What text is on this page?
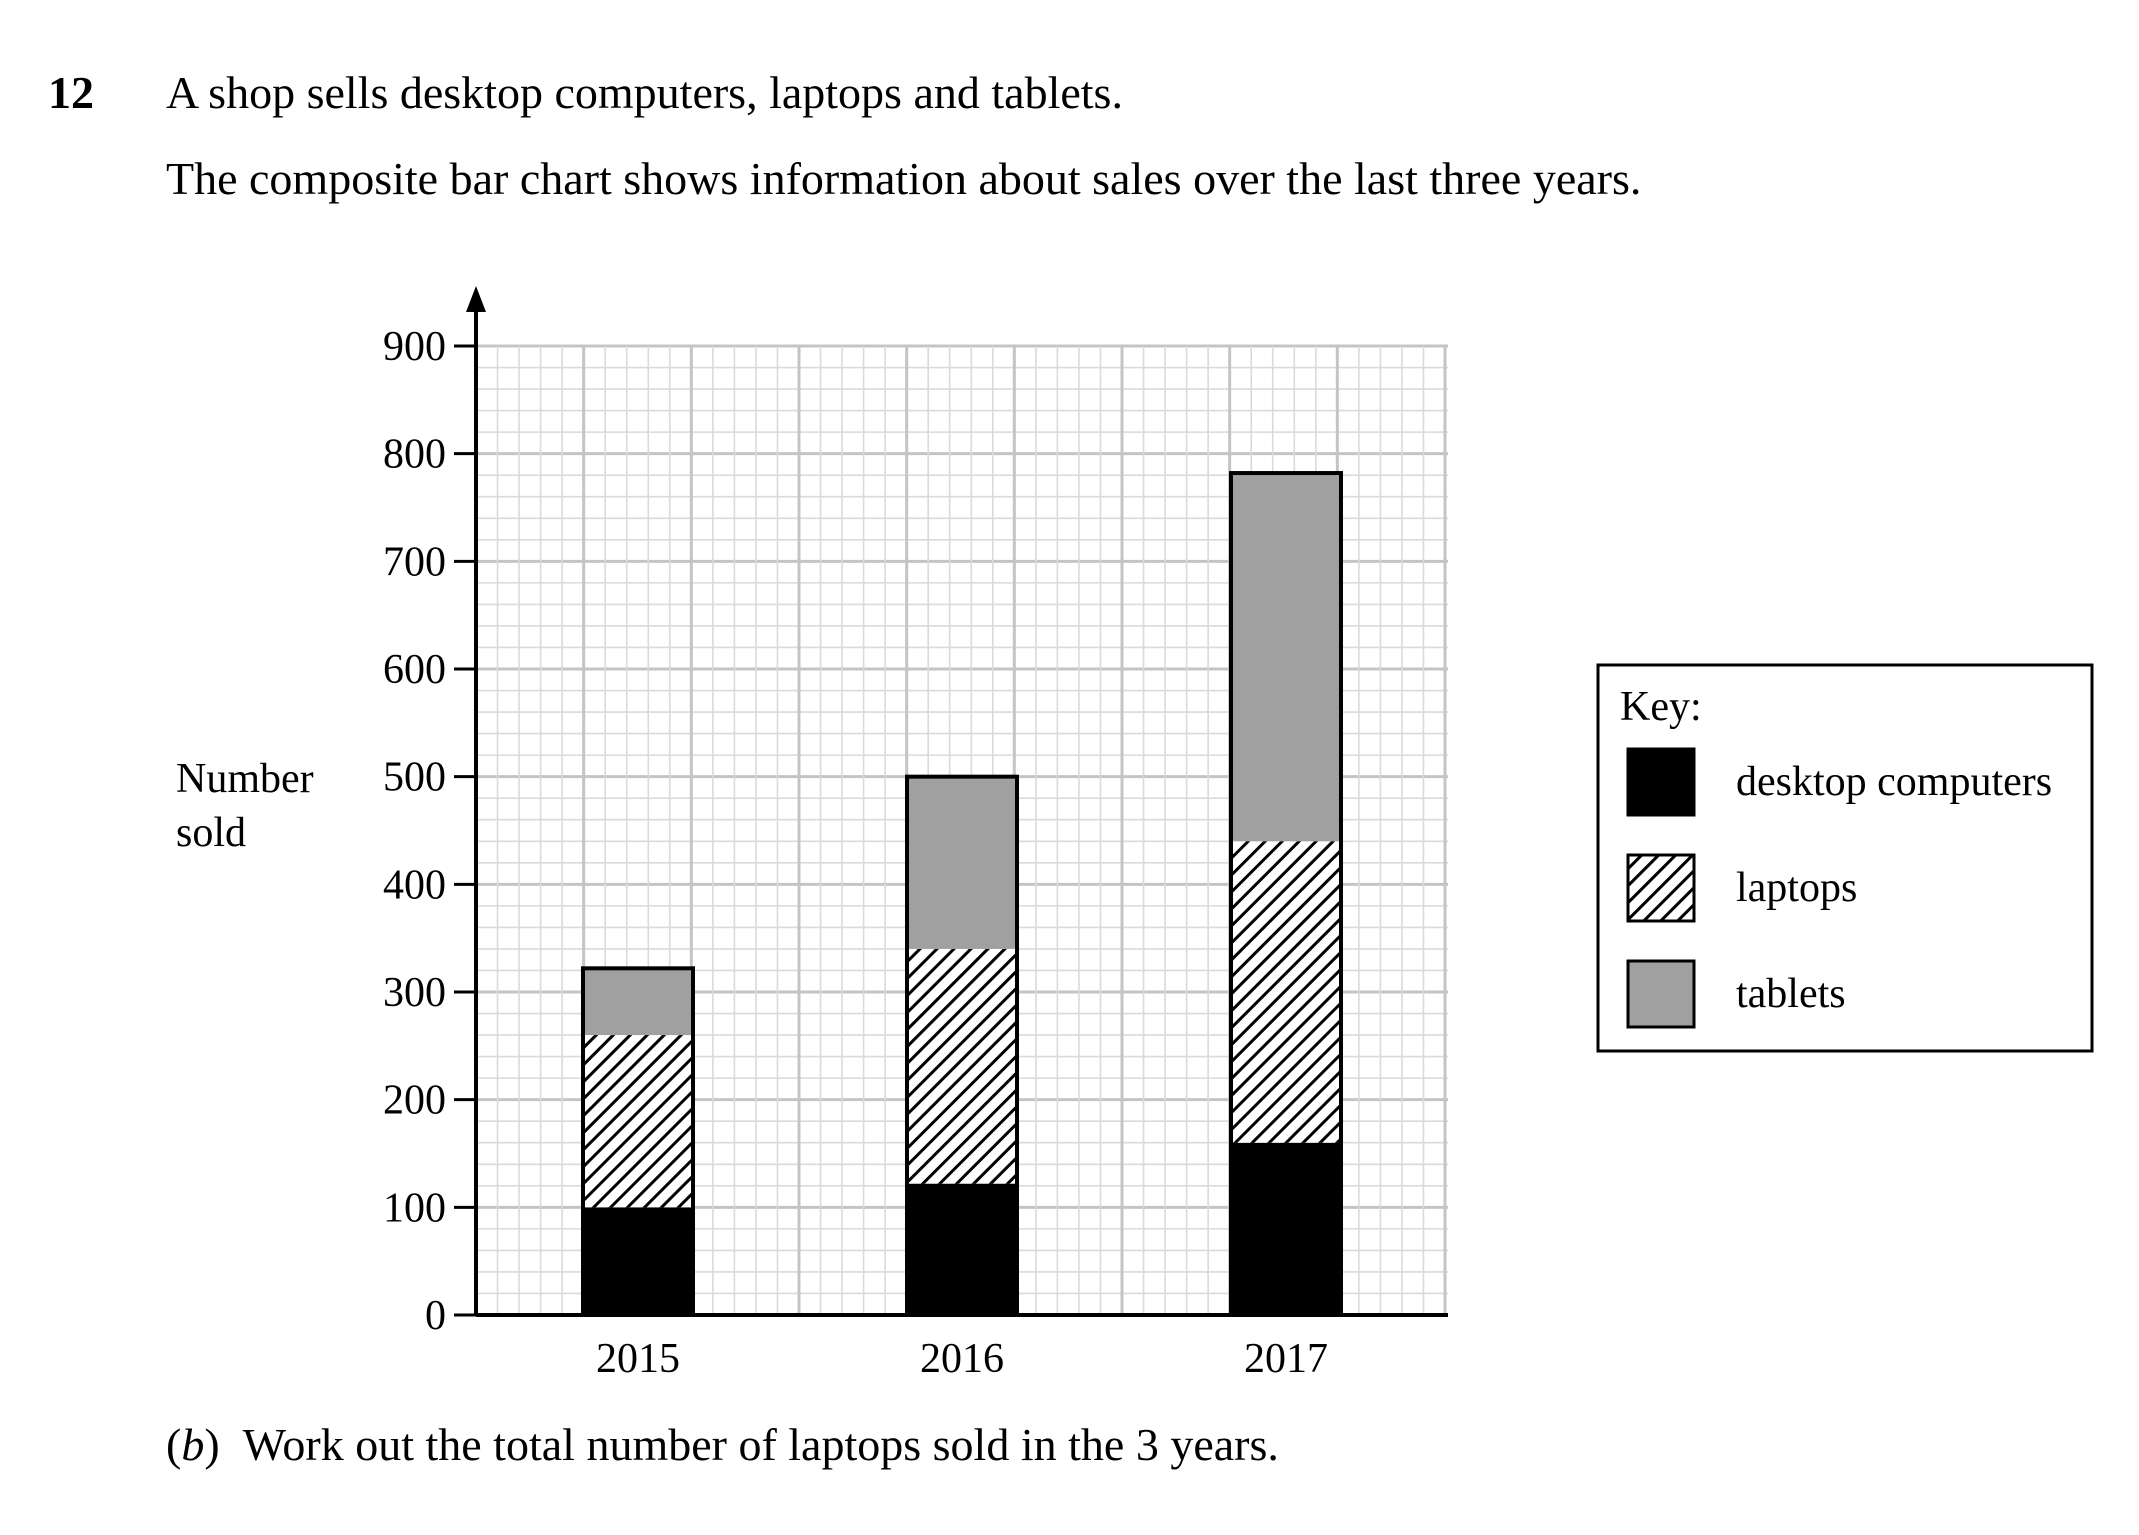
12 A shop sells desktop computers, laptops and tablets.
The composite bar chart shows information about sales over the last three years.
0
100
200
300
400
500
600
700
800
900
2015	2016	2017
Number
sold
Key:
desktop computers
laptops
tablets
(b) Work out the total number of laptops sold in the 3 years.
